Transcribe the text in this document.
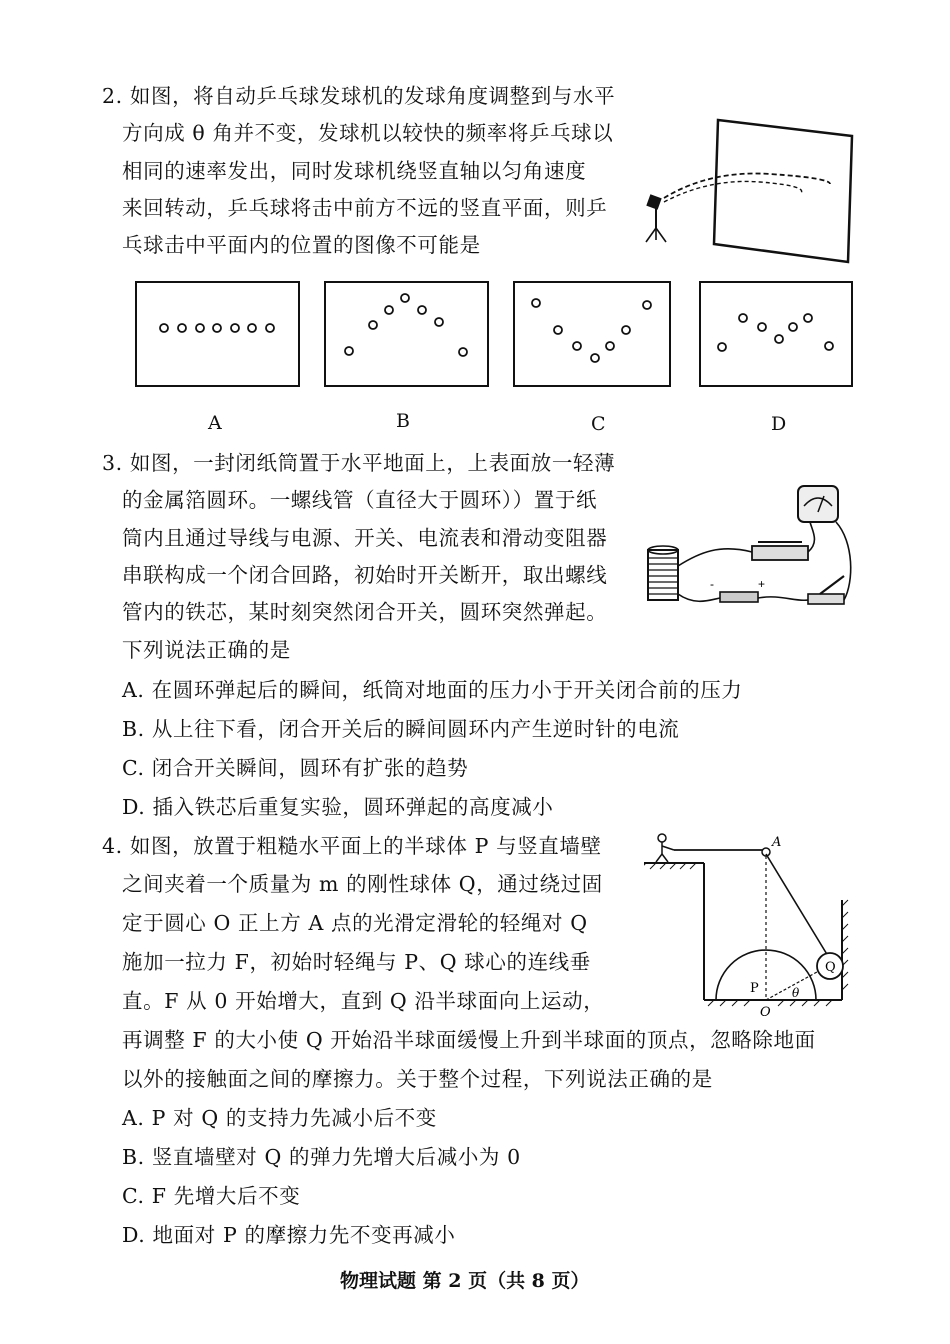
2. 如图，将自动乒乓球发球机的发球角度调整到与水平
方向成 θ 角并不变，发球机以较快的频率将乒乓球以
相同的速率发出，同时发球机绕竖直轴以匀角速度
来回转动，乒乓球将击中前方不远的竖直平面，则乒
乓球击中平面内的位置的图像不可能是
A	B	C	D
3. 如图，一封闭纸筒置于水平地面上，上表面放一轻薄
的金属箔圆环。一螺线管（直径大于圆环））置于纸
筒内且通过导线与电源、开关、电流表和滑动变阻器
串联构成一个闭合回路，初始时开关断开，取出螺线
管内的铁芯，某时刻突然闭合开关，圆环突然弹起。
下列说法正确的是
-	+
A. 在圆环弹起后的瞬间，纸筒对地面的压力小于开关闭合前的压力
B. 从上往下看，闭合开关后的瞬间圆环内产生逆时针的电流
C. 闭合开关瞬间，圆环有扩张的趋势
D. 插入铁芯后重复实验，圆环弹起的高度减小
4. 如图，放置于粗糙水平面上的半球体 P 与竖直墙壁
之间夹着一个质量为 m 的刚性球体 Q，通过绕过固
定于圆心 O 正上方 A 点的光滑定滑轮的轻绳对 Q
施加一拉力 F，初始时轻绳与 P、Q 球心的连线垂
直。F 从 0 开始增大，直到 Q 沿半球面向上运动，
再调整 F 的大小使 Q 开始沿半球面缓慢上升到半球面的顶点，忽略除地面
以外的接触面之间的摩擦力。关于整个过程，下列说法正确的是
A
Q
P
O
θ
A. P 对 Q 的支持力先减小后不变
B. 竖直墙壁对 Q 的弹力先增大后减小为 0
C. F 先增大后不变
D. 地面对 P 的摩擦力先不变再减小
物理试题 第 2 页（共 8 页）
